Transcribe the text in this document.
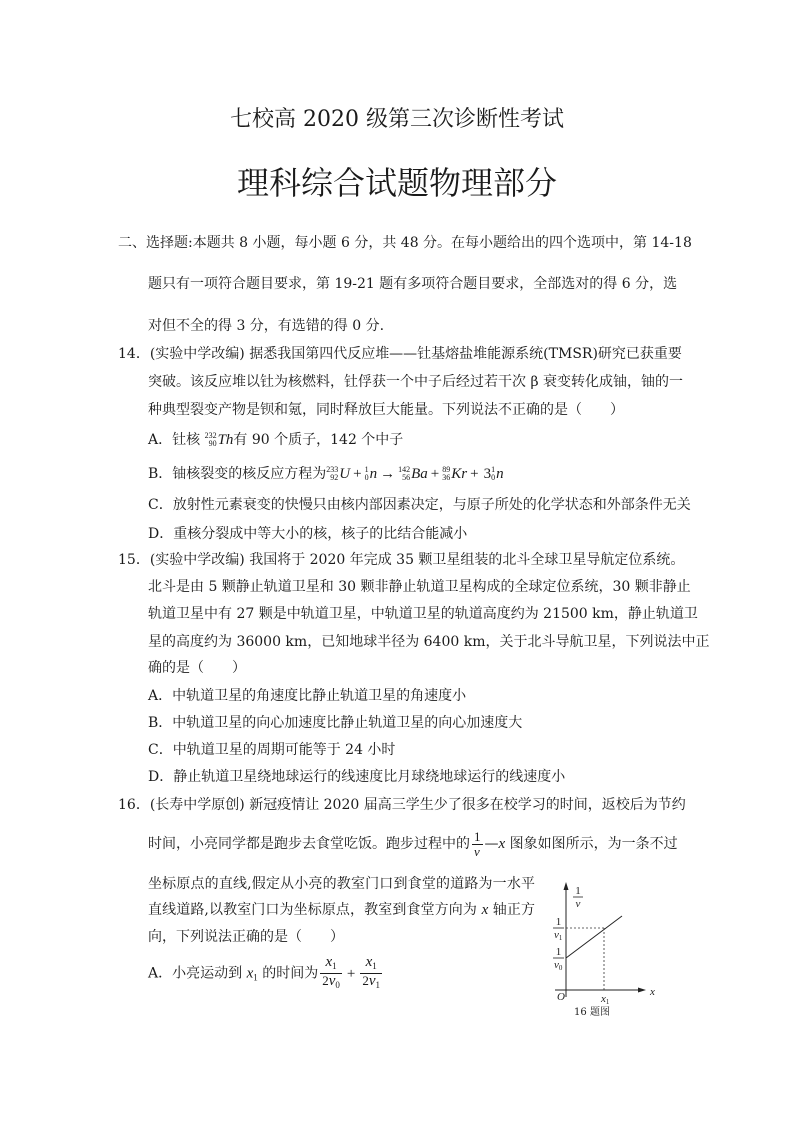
七校高 2020 级第三次诊断性考试
理科综合试题物理部分
二、选择题:本题共 8 小题，每小题 6 分，共 48 分。在每小题给出的四个选项中，第 14-18
题只有一项符合题目要求，第 19-21 题有多项符合题目要求，全部选对的得 6 分，选
对但不全的得 3 分，有选错的得 0 分.
14．(实验中学改编) 据悉我国第四代反应堆——钍基熔盐堆能源系统(TMSR)研究已获重要
突破。该反应堆以钍为核燃料，钍俘获一个中子后经过若干次 β 衰变转化成铀，铀的一
种典型裂变产物是钡和氪，同时释放巨大能量。下列说法不正确的是（　　）
A．钍核 232
90 Th有 90 个质子，142 个中子
B．铀核裂变的核反应方程为 233
92 U + 1
0 n → 142
56 Ba + 89
36 Kr + 3 1
0 n
C．放射性元素衰变的快慢只由核内部因素决定，与原子所处的化学状态和外部条件无关
D．重核分裂成中等大小的核，核子的比结合能减小
15．(实验中学改编) 我国将于 2020 年完成 35 颗卫星组装的北斗全球卫星导航定位系统。
北斗是由 5 颗静止轨道卫星和 30 颗非静止轨道卫星构成的全球定位系统，30 颗非静止
轨道卫星中有 27 颗是中轨道卫星，中轨道卫星的轨道高度约为 21500 km，静止轨道卫
星的高度约为 36000 km，已知地球半径为 6400 km，关于北斗导航卫星，下列说法中正
确的是（　　）
A．中轨道卫星的角速度比静止轨道卫星的角速度小
B．中轨道卫星的向心加速度比静止轨道卫星的向心加速度大
C．中轨道卫星的周期可能等于 24 小时
D．静止轨道卫星绕地球运行的线速度比月球绕地球运行的线速度小
16．(长寿中学原创) 新冠疫情让 2020 届高三学生少了很多在校学习的时间，返校后为节约
时间，小亮同学都是跑步去食堂吃饭。跑步过程中的 $\frac{1}{v}$ —x 图象如图所示，为一条不过
坐标原点的直线,假定从小亮的教室门口到食堂的道路为一水平
直线道路,以教室门口为坐标原点，教室到食堂方向为 x 轴正方
向，下列说法正确的是（　　）
A．小亮运动到 $x_1$ 的时间为 $\frac{x_1}{2v_0} + \frac{x_1}{2v_1}$
1
v
1
v1
1
v0
O	x
x1
16 题图
